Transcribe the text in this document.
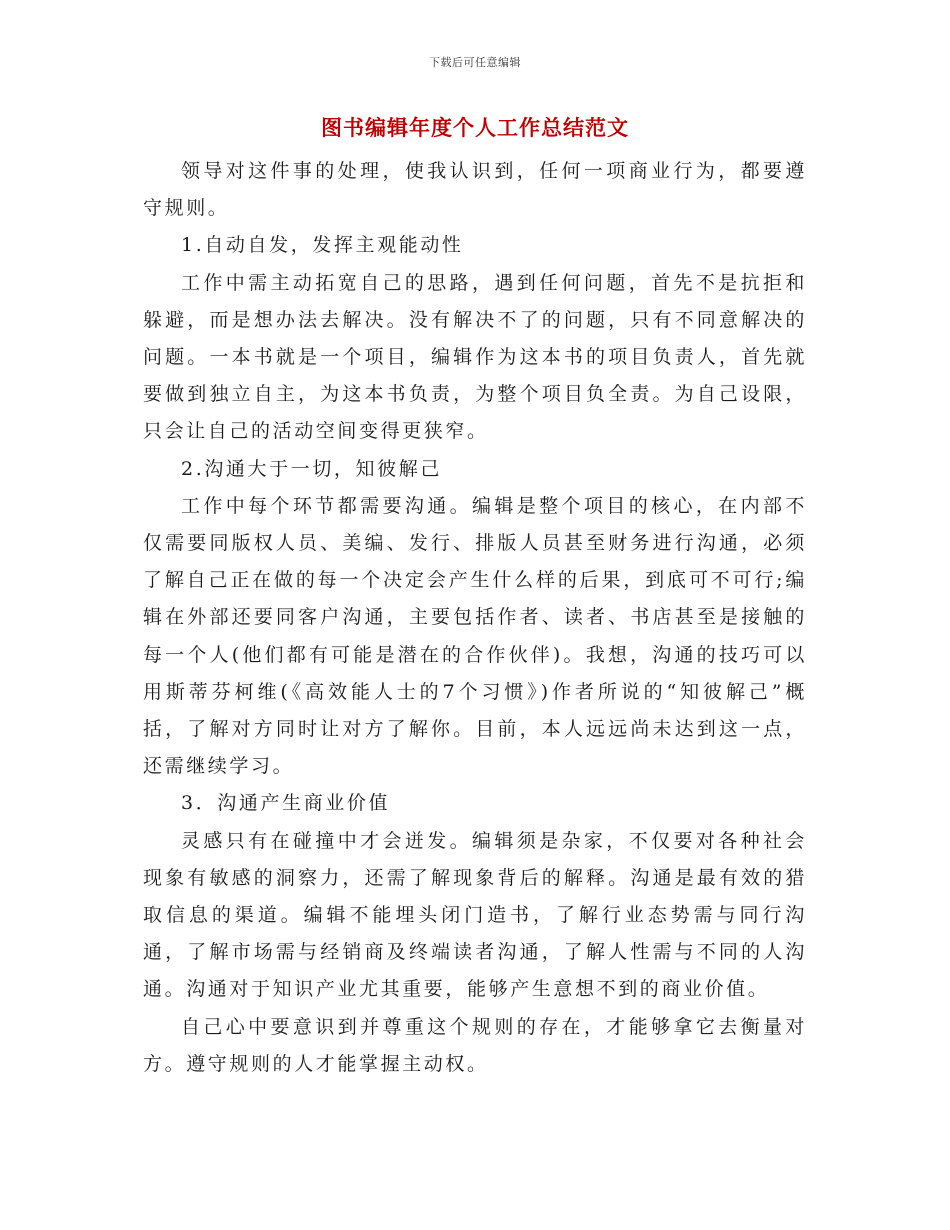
下载后可任意编辑
图书编辑年度个人工作总结范文

领导对这件事的处理，使我认识到，任何一项商业行为，都要遵守规则。

1.自动自发，发挥主观能动性

工作中需主动拓宽自己的思路，遇到任何问题，首先不是抗拒和躲避，而是想办法去解决。没有解决不了的问题，只有不同意解决的问题。一本书就是一个项目，编辑作为这本书的项目负责人，首先就要做到独立自主，为这本书负责，为整个项目负全责。为自己设限，只会让自己的活动空间变得更狭窄。

2.沟通大于一切，知彼解己

工作中每个环节都需要沟通。编辑是整个项目的核心，在内部不仅需要同版权人员、美编、发行、排版人员甚至财务进行沟通，必须了解自己正在做的每一个决定会产生什么样的后果，到底可不可行;编辑在外部还要同客户沟通，主要包括作者、读者、书店甚至是接触的每一个人(他们都有可能是潜在的合作伙伴)。我想，沟通的技巧可以用斯蒂芬柯维(《高效能人士的7个习惯》)作者所说的“知彼解己”概括，了解对方同时让对方了解你。目前，本人远远尚未达到这一点，还需继续学习。

3．沟通产生商业价值

灵感只有在碰撞中才会迸发。编辑须是杂家，不仅要对各种社会现象有敏感的洞察力，还需了解现象背后的解释。沟通是最有效的猎取信息的渠道。编辑不能埋头闭门造书，了解行业态势需与同行沟通，了解市场需与经销商及终端读者沟通，了解人性需与不同的人沟通。沟通对于知识产业尤其重要，能够产生意想不到的商业价值。

自己心中要意识到并尊重这个规则的存在，才能够拿它去衡量对方。遵守规则的人才能掌握主动权。
